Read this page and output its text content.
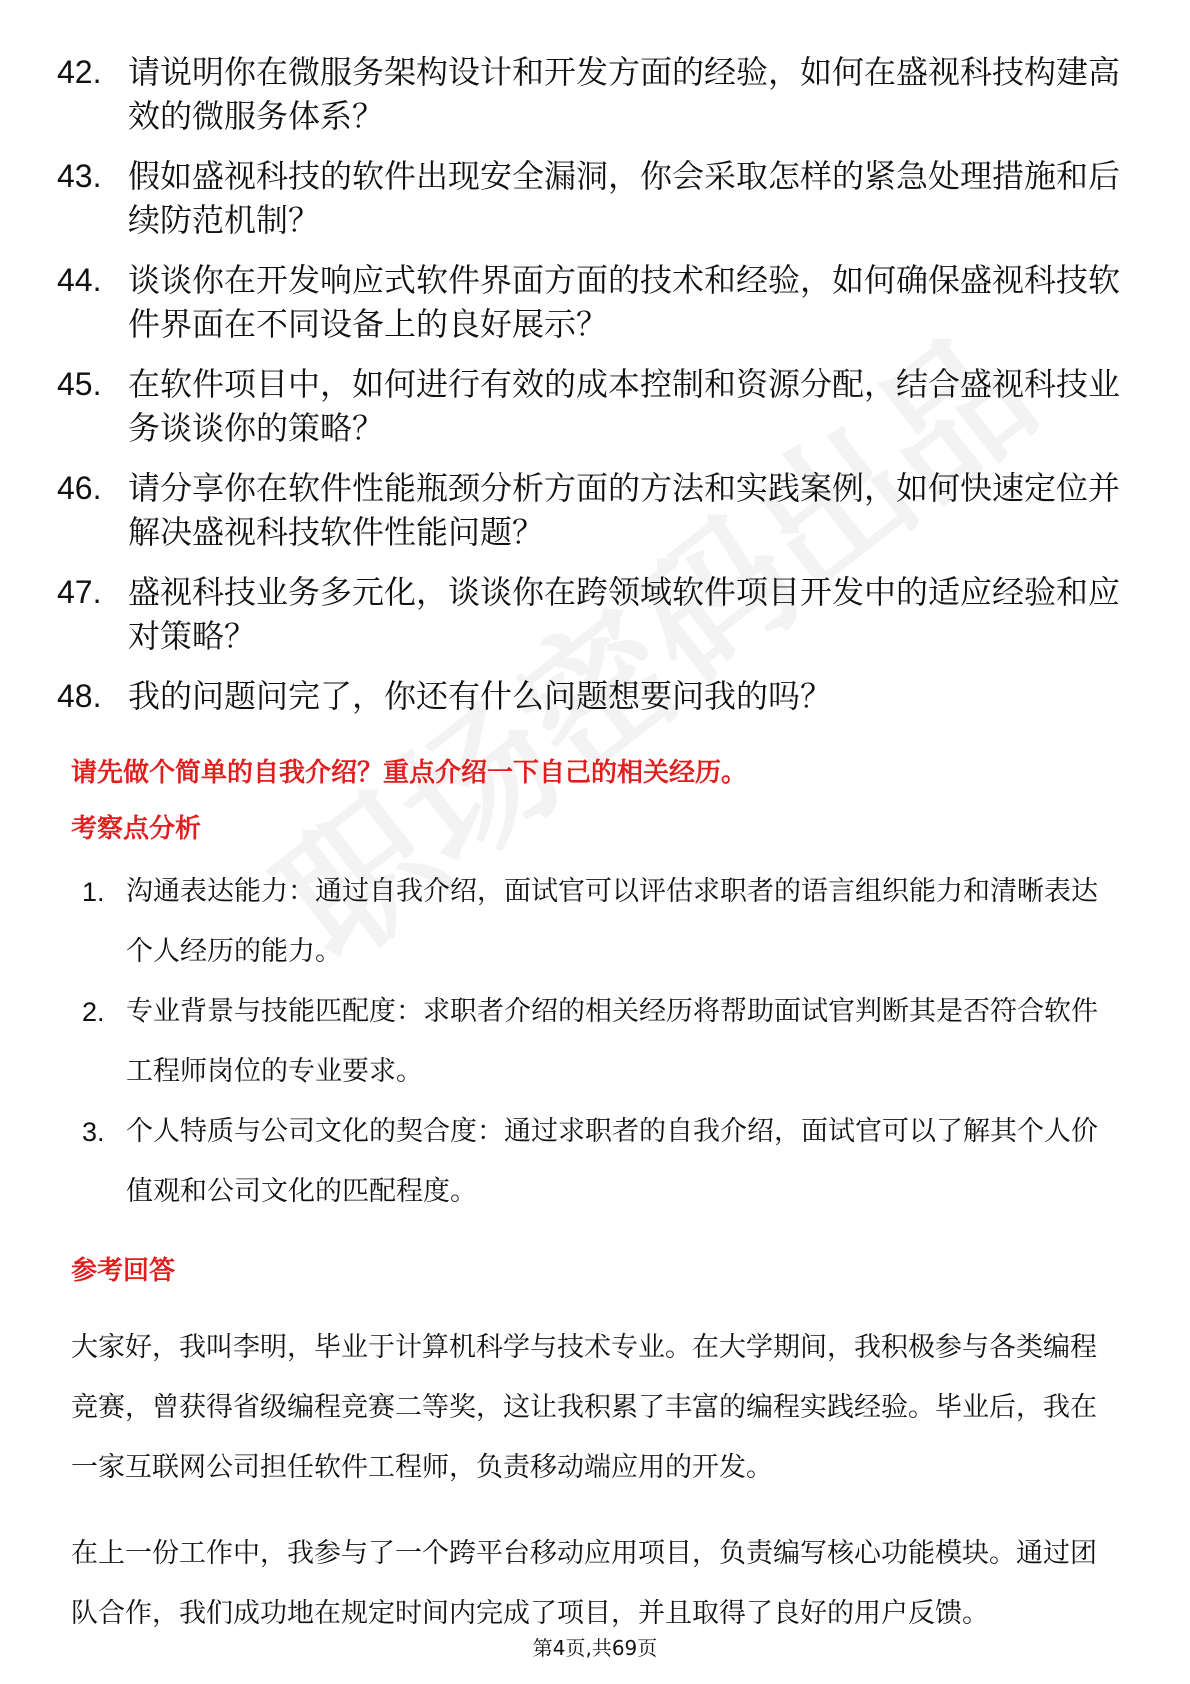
42. 请说明你在微服务架构设计和开发方面的经验，如何在盛视科技构建高效的微服务体系？
43. 假如盛视科技的软件出现安全漏洞，你会采取怎样的紧急处理措施和后续防范机制？
44. 谈谈你在开发响应式软件界面方面的技术和经验，如何确保盛视科技软件界面在不同设备上的良好展示？
45. 在软件项目中，如何进行有效的成本控制和资源分配，结合盛视科技业务谈谈你的策略？
46. 请分享你在软件性能瓶颈分析方面的方法和实践案例，如何快速定位并解决盛视科技软件性能问题？
47. 盛视科技业务多元化，谈谈你在跨领域软件项目开发中的适应经验和应对策略？
48. 我的问题问完了，你还有什么问题想要问我的吗？
请先做个简单的自我介绍？重点介绍一下自己的相关经历。
考察点分析
1. 沟通表达能力：通过自我介绍，面试官可以评估求职者的语言组织能力和清晰表达个人经历的能力。
2. 专业背景与技能匹配度：求职者介绍的相关经历将帮助面试官判断其是否符合软件工程师岗位的专业要求。
3. 个人特质与公司文化的契合度：通过求职者的自我介绍，面试官可以了解其个人价值观和公司文化的匹配程度。
参考回答

大家好，我叫李明，毕业于计算机科学与技术专业。在大学期间，我积极参与各类编程竞赛，曾获得省级编程竞赛二等奖，这让我积累了丰富的编程实践经验。毕业后，我在一家互联网公司担任软件工程师，负责移动端应用的开发。

在上一份工作中，我参与了一个跨平台移动应用项目，负责编写核心功能模块。通过团队合作，我们成功地在规定时间内完成了项目，并且取得了良好的用户反馈。

第4页,共69页
